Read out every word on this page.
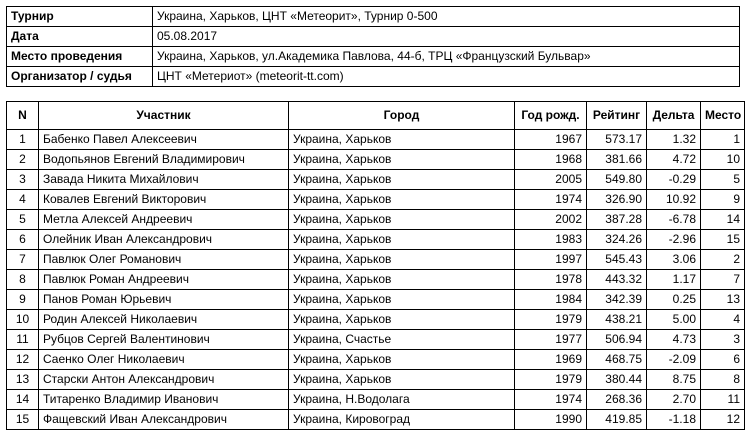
Турнир	Украина, Харьков, ЦНТ «Метеорит», Турнир 0-500
Дата	05.08.2017
Место проведения	Украина, Харьков, ул.Академика Павлова, 44-б, ТРЦ «Французский Бульвар»
Организатор / судья	ЦНТ «Метериот» (meteorit-tt.com)
N	Участник	Город	Год рожд.	Рейтинг	Дельта	Место
1	Бабенко Павел Алексеевич	Украина, Харьков	1967	573.17	1.32	1
2	Водопьянов Евгений Владимирович	Украина, Харьков	1968	381.66	4.72	10
3	Завада Никита Михайлович	Украина, Харьков	2005	549.80	-0.29	5
4	Ковалев Евгений Викторович	Украина, Харьков	1974	326.90	10.92	9
5	Метла Алексей Андреевич	Украина, Харьков	2002	387.28	-6.78	14
6	Олейник Иван Александрович	Украина, Харьков	1983	324.26	-2.96	15
7	Павлюк Олег Романович	Украина, Харьков	1997	545.43	3.06	2
8	Павлюк Роман Андреевич	Украина, Харьков	1978	443.32	1.17	7
9	Панов Роман Юрьевич	Украина, Харьков	1984	342.39	0.25	13
10	Родин Алексей Николаевич	Украина, Харьков	1979	438.21	5.00	4
11	Рубцов Сергей Валентинович	Украина, Счастье	1977	506.94	4.73	3
12	Саенко Олег Николаевич	Украина, Харьков	1969	468.75	-2.09	6
13	Старски Антон Александрович	Украина, Харьков	1979	380.44	8.75	8
14	Титаренко Владимир Иванович	Украина, Н.Водолага	1974	268.36	2.70	11
15	Фащевский Иван Александрович	Украина, Кировоград	1990	419.85	-1.18	12
